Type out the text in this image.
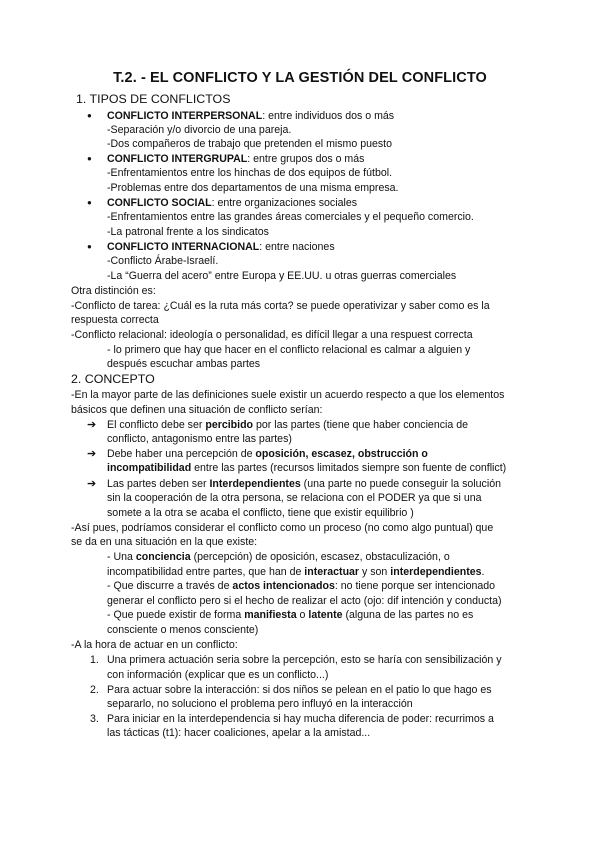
T.2. - EL CONFLICTO Y LA GESTIÓN DEL CONFLICTO
1. TIPOS DE CONFLICTOS
● CONFLICTO INTERPERSONAL: entre individuos dos o más
-Separación y/o divorcio de una pareja.
-Dos compañeros de trabajo que pretenden el mismo puesto
● CONFLICTO INTERGRUPAL: entre grupos dos o más
-Enfrentamientos entre los hinchas de dos equipos de fútbol.
-Problemas entre dos departamentos de una misma empresa.
● CONFLICTO SOCIAL: entre organizaciones sociales
-Enfrentamientos entre las grandes áreas comerciales y el pequeño comercio.
-La patronal frente a los sindicatos
● CONFLICTO INTERNACIONAL: entre naciones
-Conflicto Árabe-Israelí.
-La “Guerra del acero” entre Europa y EE.UU. u otras guerras comerciales
Otra distinción es:
-Conflicto de tarea: ¿Cuál es la ruta más corta? se puede operativizar y saber como es la
respuesta correcta
-Conflicto relacional: ideología o personalidad, es difícil llegar a una respuest correcta
- lo primero que hay que hacer en el conflicto relacional es calmar a alguien y
después escuchar ambas partes
2. CONCEPTO
-En la mayor parte de las definiciones suele existir un acuerdo respecto a que los elementos
básicos que definen una situación de conflicto serían:
➔ El conflicto debe ser percibido por las partes (tiene que haber conciencia de
conflicto, antagonismo entre las partes)
➔ Debe haber una percepción de oposición, escasez, obstrucción o
incompatibilidad entre las partes (recursos limitados siempre son fuente de conflict)
➔ Las partes deben ser Interdependientes (una parte no puede conseguir la solución
sin la cooperación de la otra persona, se relaciona con el PODER ya que si una
somete a la otra se acaba el conflicto, tiene que existir equilibrio )
-Así pues, podríamos considerar el conflicto como un proceso (no como algo puntual) que
se da en una situación en la que existe:
- Una conciencia (percepción) de oposición, escasez, obstaculización, o
incompatibilidad entre partes, que han de interactuar y son interdependientes.
- Que discurre a través de actos intencionados: no tiene porque ser intencionado
generar el conflicto pero si el hecho de realizar el acto (ojo: dif intención y conducta)
- Que puede existir de forma manifiesta o latente (alguna de las partes no es
consciente o menos consciente)
-A la hora de actuar en un conflicto:
1. Una primera actuación seria sobre la percepción, esto se haría con sensibilización y
con información (explicar que es un conflicto...)
2. Para actuar sobre la interacción: si dos niños se pelean en el patio lo que hago es
separarlo, no soluciono el problema pero influyó en la interacción
3. Para iniciar en la interdependencia si hay mucha diferencia de poder: recurrimos a
las tácticas (t1): hacer coaliciones, apelar a la amistad...
